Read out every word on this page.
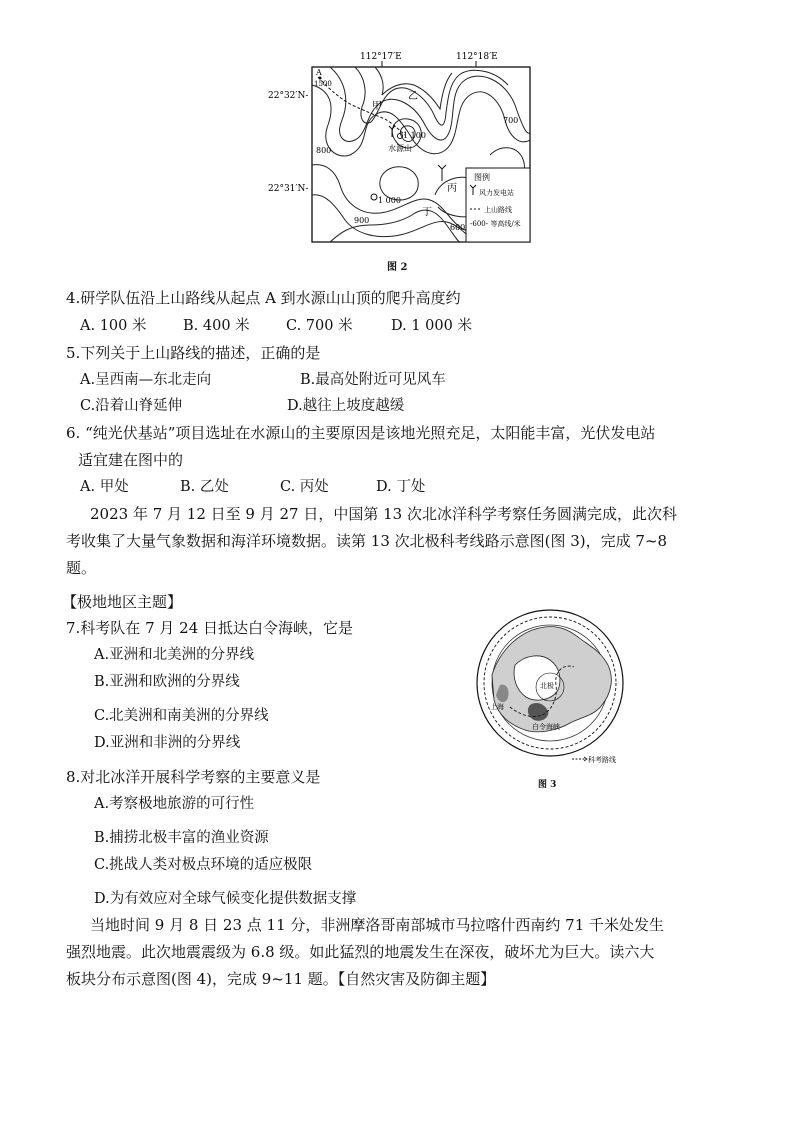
112°17′E	112°18′E
22°32′N-
22°31′N-
A
1500
800
700
1 100
1 000
900
600
甲
乙
水源山
丙
丁
图例
风力发电站
上山路线
-600- 等高线/米
图 2
4.研学队伍沿上山路线从起点 A 到水源山山顶的爬升高度约
A. 100 米	B. 400 米	C. 700 米	D. 1 000 米
5.下列关于上山路线的描述，正确的是
A.呈西南—东北走向	B.最高处附近可见风车
C.沿着山脊延伸	D.越往上坡度越缓
6. “纯光伏基站”项目选址在水源山的主要原因是该地光照充足，太阳能丰富，光伏发电站
适宜建在图中的
A. 甲处	B. 乙处	C. 丙处	D. 丁处
2023 年 7 月 12 日至 9 月 27 日，中国第 13 次北冰洋科学考察任务圆满完成，此次科
考收集了大量气象数据和海洋环境数据。读第 13 次北极科考线路示意图(图 3)，完成 7~8
题。
【极地地区主题】
7.科考队在 7 月 24 日抵达白令海峡，它是
A.亚洲和北美洲的分界线
B.亚洲和欧洲的分界线
C.北美洲和南美洲的分界线
D.亚洲和非洲的分界线
北极
上海
白令海峡
科考路线
图 3
8.对北冰洋开展科学考察的主要意义是
A.考察极地旅游的可行性
B.捕捞北极丰富的渔业资源
C.挑战人类对极点环境的适应极限
D.为有效应对全球气候变化提供数据支撑
当地时间 9 月 8 日 23 点 11 分，非洲摩洛哥南部城市马拉喀什西南约 71 千米处发生
强烈地震。此次地震震级为 6.8 级。如此猛烈的地震发生在深夜，破坏尤为巨大。读六大
板块分布示意图(图 4)，完成 9~11 题。【自然灾害及防御主题】
